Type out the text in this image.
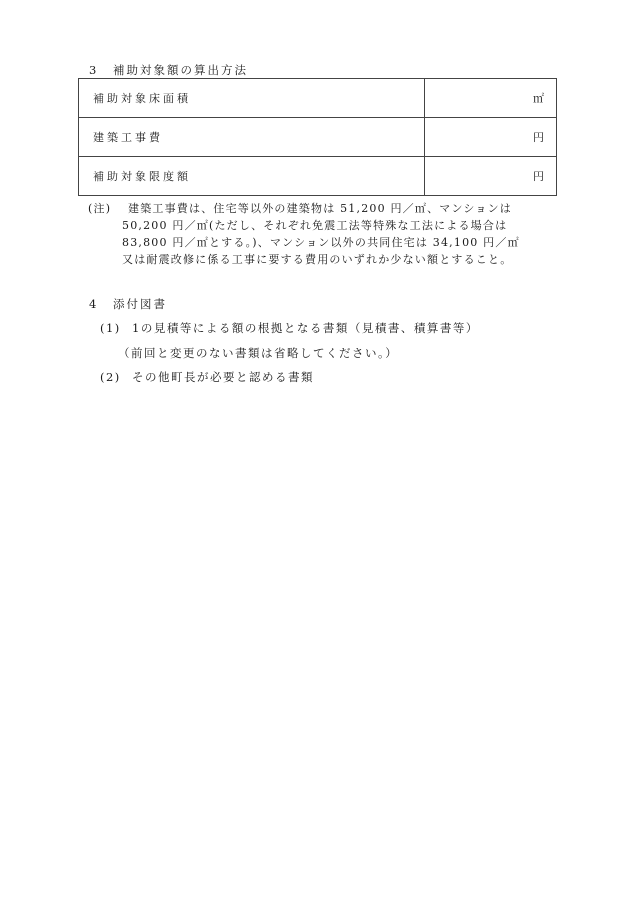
3 補助対象額の算出方法
補助対象床面積	㎡
建築工事費	円
補助対象限度額	円
(注) 建築工事費は、住宅等以外の建築物は 51,200 円／㎡、マンションは
50,200 円／㎡(ただし、それぞれ免震工法等特殊な工法による場合は
83,800 円／㎡とする。)、マンション以外の共同住宅は 34,100 円／㎡
又は耐震改修に係る工事に要する費用のいずれか少ない額とすること。
4 添付図書
(1) 1の見積等による額の根拠となる書類（見積書、積算書等）
（前回と変更のない書類は省略してください。）
(2) その他町長が必要と認める書類
